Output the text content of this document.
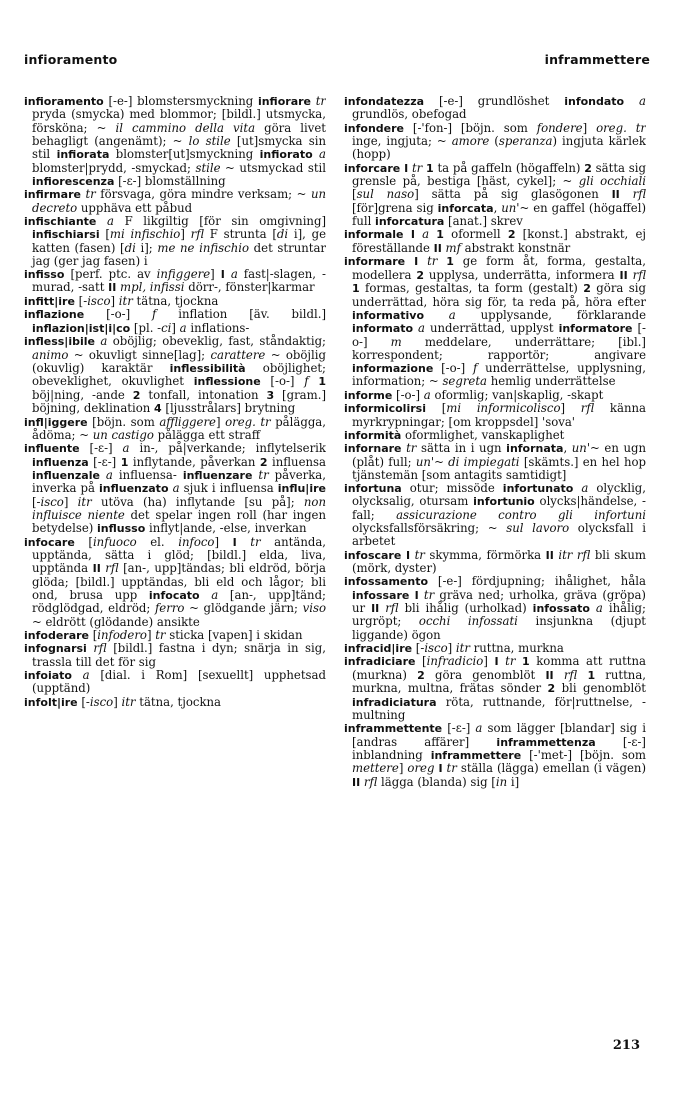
infioramento	inframmettere

infioramento [-e-] blomstersmyckning infiorare tr pryda (smycka) med blommor; [bildl.] utsmycka, förskönа; ~ il cammino della vita göra livet behagligt (angenämt); ~ lo stile [ut]smycka sin stil infiorata blomster[ut]smyckning infiorato a blomster|prydd, -smyckad; stile ~ utsmyckad stil infiorescenza [-ɛ-] blomställning

infirmare tr försvaga, göra mindre verksam; ~ un decreto upphäva ett påbud

infischiante a F likgiltig [för sin omgivning] infischiarsi [mi infischio] rfl F strunta [di i], ge katten (fasen) [di i]; me ne infischio det struntar jag (ger jag fasen) i

infisso [perf. ptc. av infiggere] I a fast|-slagen, -murad, -satt II mpl, infissi dörr-, fönster|karmar

infitt|ire [-isco] itr tätna, tjockna

inflazione [-o-] f inflation [äv. bildl.] inflazion|ist|i|co [pl. -ci] a inflations-

infless|ibile a oböjlig; obeveklig, fast, ståndaktig; animo ~ okuvligt sinne[lag]; carattere ~ oböjlig (okuvlig) karaktär inflessibilità oböjlighet; obeveklighet, okuvlighet inflessione [-o-] f 1 böj|ning, -ande 2 tonfall, intonation 3 [gram.] böjning, deklination 4 [ljusstrålars] brytning

infl|iggere [böjn. som affliggere] oreg. tr pålägga, ådöma; ~ un castigo pålägga ett straff

influente [-ɛ-] a in-, på|verkande; inflytelserik influenza [-ɛ-] 1 inflytande, påverkan 2 influensa influenzale a influensa- influenzare tr påverka, inverka på influenzato a sjuk i influensa influ|ire [-isco] itr utöva (ha) inflytande [su på]; non influisce niente det spelar ingen roll (har ingen betydelse) influsso inflyt|ande, -else, inverkan

infocare [infuoco el. infoco] I tr antända, upptända, sätta i glöd; [bildl.] elda, liva, upptända II rfl [an-, upp]tändas; bli eldröd, börja glöda; [bildl.] upptändas, bli eld och lågor; bli ond, brusa upp infocato a [an-, upp]tänd; rödglödgad, eldröd; ferro ~ glödgande järn; viso ~ eldrött (glödande) ansikte

infoderare [infodero] tr sticka [vapen] i skidan

infognarsi rfl [bildl.] fastna i dyn; snärja in sig, trassla till det för sig

infoiato a [dial. i Rom] [sexuellt] upphetsad (upptänd)

infolt|ire [-isco] itr tätna, tjockna

infondatezza [-e-] grundlöshet infondato a grundlös, obefogad

infondere [-'fon-] [böjn. som fondere] oreg. tr inge, ingjuta; ~ amore (speranza) ingjuta kärlek (hopp)

inforcare I tr 1 ta på gaffeln (högaffeln) 2 sätta sig grensle på, bestiga [häst, cykel]; ~ gli occhiali [sul naso] sätta på sig glasögonen II rfl [för]grena sig inforcata, un'~ en gaffel (högaffel) full inforcatura [anat.] skrev

informale I a 1 oformell 2 [konst.] abstrakt, ej föreställande II mf abstrakt konstnär

informare I tr 1 ge form åt, forma, gestalta, modellera 2 upplysa, underrätta, informera II rfl 1 formas, gestaltas, ta form (gestalt) 2 göra sig underrättad, höra sig för, ta reda på, höra efter informativo a upplysande, förklarande informato a underrättad, upplyst informatore [-o-] m meddelare, underrättare; [ibl.] korrespondent; rapportör; angivare informazione [-o-] f underrättelse, upplysning, information; ~ segreta hemlig underrättelse

informe [-o-] a oformlig; van|skaplig, -skapt

informicolirsi [mi informicolisco] rfl känna myrkrypningar; [om kroppsdel] 'sova'

informità oformlighet, vanskaplighet

infornare tr sätta in i ugn infornata, un'~ en ugn (plåt) full; un'~ di impiegati [skämts.] en hel hop tjänstemän [som antagits samtidigt]

infortuna otur; missöde infortunato a olycklig, olycksalig, otursam infortunio olycks|händelse, -fall; assicurazione contro gli infortuni olycksfallsförsäkring; ~ sul lavoro olycksfall i arbetet

infoscare I tr skymma, förmörka II itr rfl bli skum (mörk, dyster)

infossamento [-e-] fördjupning; ihålighet, håla infossare I tr gräva ned; urholka, gräva (gröpa) ur II rfl bli ihålig (urholkad) infossato a ihålig; urgröpt; occhi infossati insjunkna (djupt liggande) ögon

infracid|ire [-isco] itr ruttna, murkna

infradiciare [infradicio] I tr 1 komma att ruttna (murkna) 2 göra genomblöt II rfl 1 ruttna, murkna, multna, frätas sönder 2 bli genomblöt infradiciatura röta, ruttnande, för|ruttnelse, -multning

inframmettente [-ɛ-] a som lägger [blandar] sig i [andras affärer] inframmettenza [-ɛ-] inblandning inframmettere [-'met-] [böjn. som mettere] oreg I tr ställa (lägga) emellan (i vägen) II rfl lägga (blanda) sig [in i]

213
